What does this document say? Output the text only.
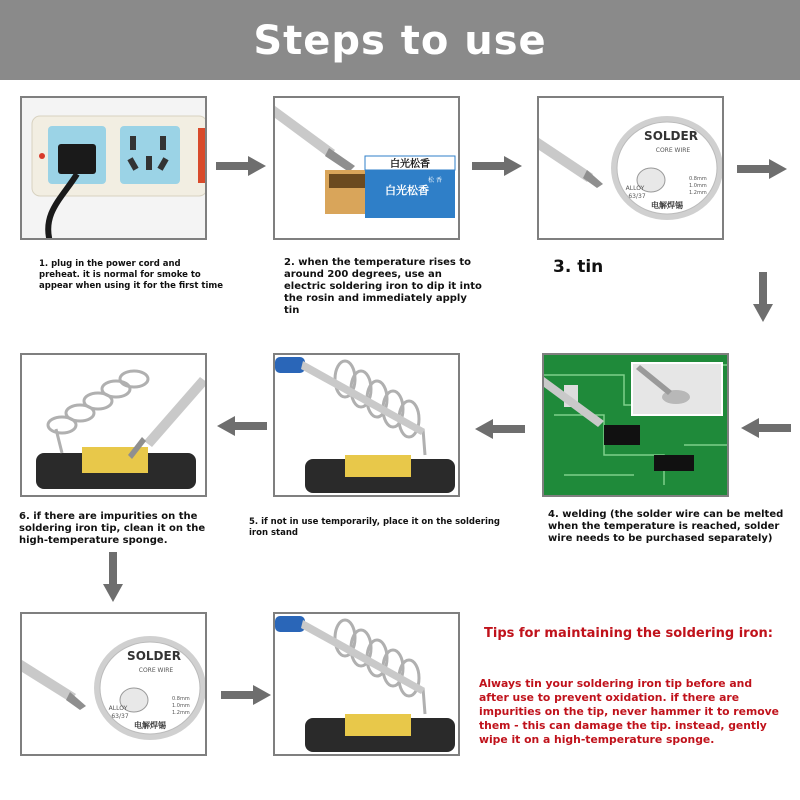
Steps to use
白光松香
白光松香
松 香
2. when the temperature rises to around 200 degrees, use an electric soldering iron to dip it into the rosin and immediately apply tin
1. plug in the power cord and preheat. it is normal for smoke to appear when using it for the first time
SOLDER
CORE WIRE
ALLOY
63/37
0.8mm
1.0mm
1.2mm
电解焊锡
3. tin
6. if there are impurities on the soldering iron tip, clean it on the high-temperature sponge.
5. if not in use temporarily, place it on the soldering iron stand
4. welding (the solder wire can be melted when the temperature is reached, solder wire needs to be purchased separately)
SOLDER
CORE WIRE
ALLOY
63/37
0.8mm
1.0mm
1.2mm
电解焊锡
Tips for maintaining the soldering iron:
Always tin your soldering iron tip before and after use to prevent oxidation. if there are impurities on the tip, never hammer it to remove them - this can damage the tip. instead, gently wipe it on a high-temperature sponge.
